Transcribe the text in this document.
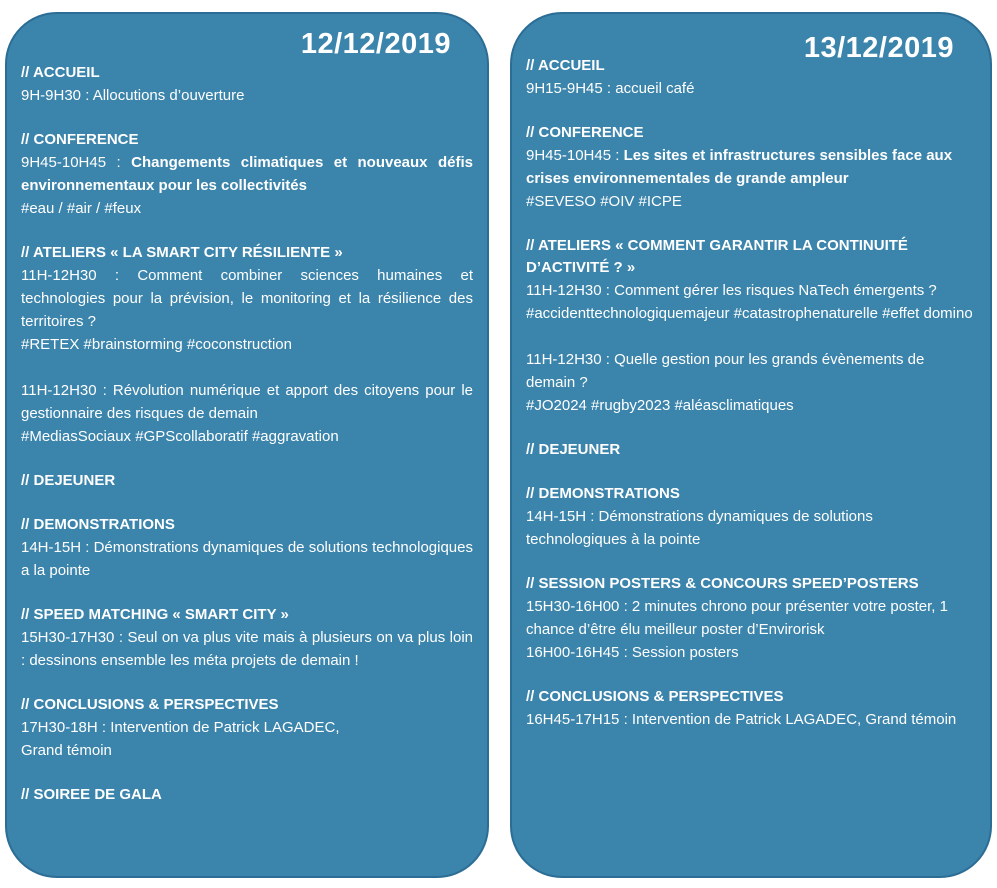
12/12/2019

// ACCUEIL

9H-9H30 : Allocutions d’ouverture

// CONFERENCE

9H45-10H45 : Changements climatiques et nouveaux défis environnementaux pour les collectivités

#eau / #air / #feux

// ATELIERS « LA SMART CITY RÉSILIENTE »

11H-12H30 : Comment combiner sciences humaines et technologies pour la prévision, le monitoring et la résilience des territoires ?

#RETEX #brainstorming #coconstruction

11H-12H30 : Révolution numérique et apport des citoyens pour le gestionnaire des risques de demain

#MediasSociaux #GPScollaboratif #aggravation

// DEJEUNER

// DEMONSTRATIONS

14H-15H : Démonstrations dynamiques de solutions technologiques a la pointe

// SPEED MATCHING « SMART CITY »

15H30-17H30 : Seul on va plus vite mais à plusieurs on va plus loin : dessinons ensemble les méta projets de demain !

// CONCLUSIONS & PERSPECTIVES

17H30-18H : Intervention de Patrick LAGADEC,

Grand témoin

// SOIREE DE GALA

13/12/2019

// ACCUEIL

9H15-9H45 : accueil café

// CONFERENCE

9H45-10H45 : Les sites et infrastructures sensibles face aux crises environnementales de grande ampleur

#SEVESO #OIV #ICPE

// ATELIERS « COMMENT GARANTIR LA CONTINUITÉ D’ACTIVITÉ ? »

11H-12H30 : Comment gérer les risques NaTech émergents ?

#accidenttechnologiquemajeur #catastrophenaturelle #effet domino

11H-12H30 : Quelle gestion pour les grands évènements de demain ?

#JO2024 #rugby2023 #aléasclimatiques

// DEJEUNER

// DEMONSTRATIONS

14H-15H : Démonstrations dynamiques de solutions technologiques à la pointe

// SESSION POSTERS & CONCOURS SPEED’POSTERS

15H30-16H00 : 2 minutes chrono pour présenter votre poster, 1 chance d’être élu meilleur poster d’Envirorisk

16H00-16H45 : Session posters

// CONCLUSIONS & PERSPECTIVES

16H45-17H15 : Intervention de Patrick LAGADEC, Grand témoin
